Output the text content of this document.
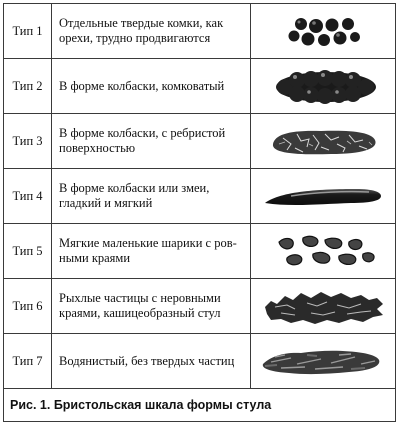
Тип 1
Отдельные твердые комки, как
орехи, трудно продвигаются
Тип 2	В форме колбаски, комковатый
Тип 3
В форме колбаски, с ребристой
поверхностью
Тип 4
В форме колбаски или змеи,
гладкий и мягкий
Тип 5
Мягкие маленькие шарики с ров-
ными краями
Тип 6
Рыхлые частицы с неровными
краями, кашицеобразный стул
Тип 7	Водянистый, без твердых частиц
Рис. 1. Бристольская шкала формы стула
